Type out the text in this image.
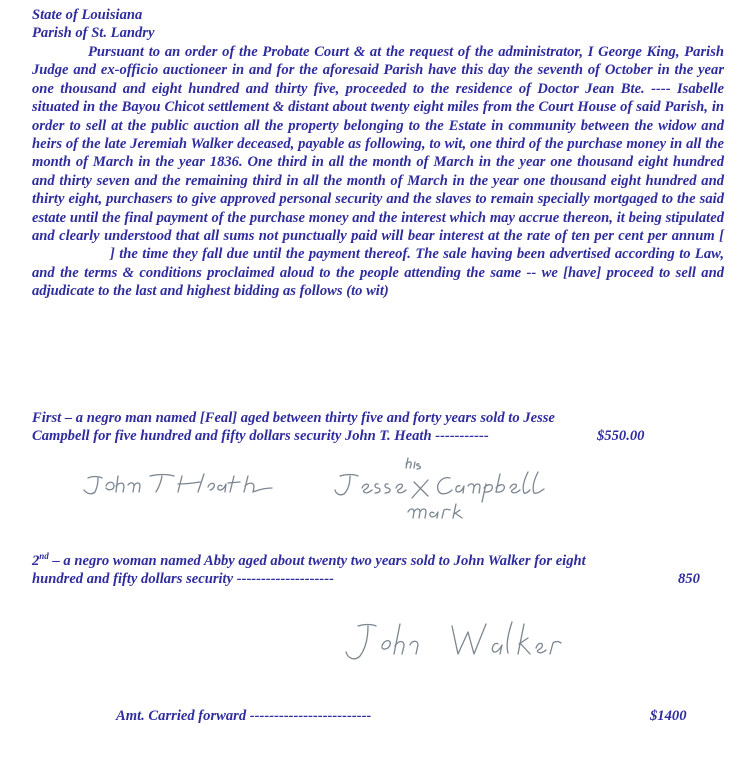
State of Louisiana
Parish of St. Landry
Pursuant to an order of the Probate Court & at the request of the administrator, I George King, Parish Judge and ex-officio auctioneer in and for the aforesaid Parish have this day the seventh of October in the year one thousand and eight hundred and thirty five, proceeded to the residence of Doctor Jean Bte. ---- Isabelle situated in the Bayou Chicot settlement & distant about twenty eight miles from the Court House of said Parish, in order to sell at the public auction all the property belonging to the Estate in community between the widow and heirs of the late Jeremiah Walker deceased, payable as following, to wit, one third of the purchase money in all the month of March in the year 1836. One third in all the month of March in the year one thousand eight hundred and thirty seven and the remaining third in all the month of March in the year one thousand eight hundred and thirty eight, purchasers to give approved personal security and the slaves to remain specially mortgaged to the said estate until the final payment of the purchase money and the interest which may accrue thereon, it being stipulated and clearly understood that all sums not punctually paid will bear interest at the rate of ten per cent per annum [] the time they fall due until the payment thereof. The sale having been advertised according to Law, and the terms & conditions proclaimed aloud to the people attending the same -- we [have] proceed to sell and adjudicate to the last and highest bidding as follows (to wit)
First – a negro man named [Feal] aged between thirty five and forty years sold to Jesse
Campbell for five hundred and fifty dollars security John T. Heath -----------	$550.00
2nd – a negro woman named Abby aged about twenty two years sold to John Walker for eight
hundred and fifty dollars security --------------------	850
Amt. Carried forward -------------------------	$1400
